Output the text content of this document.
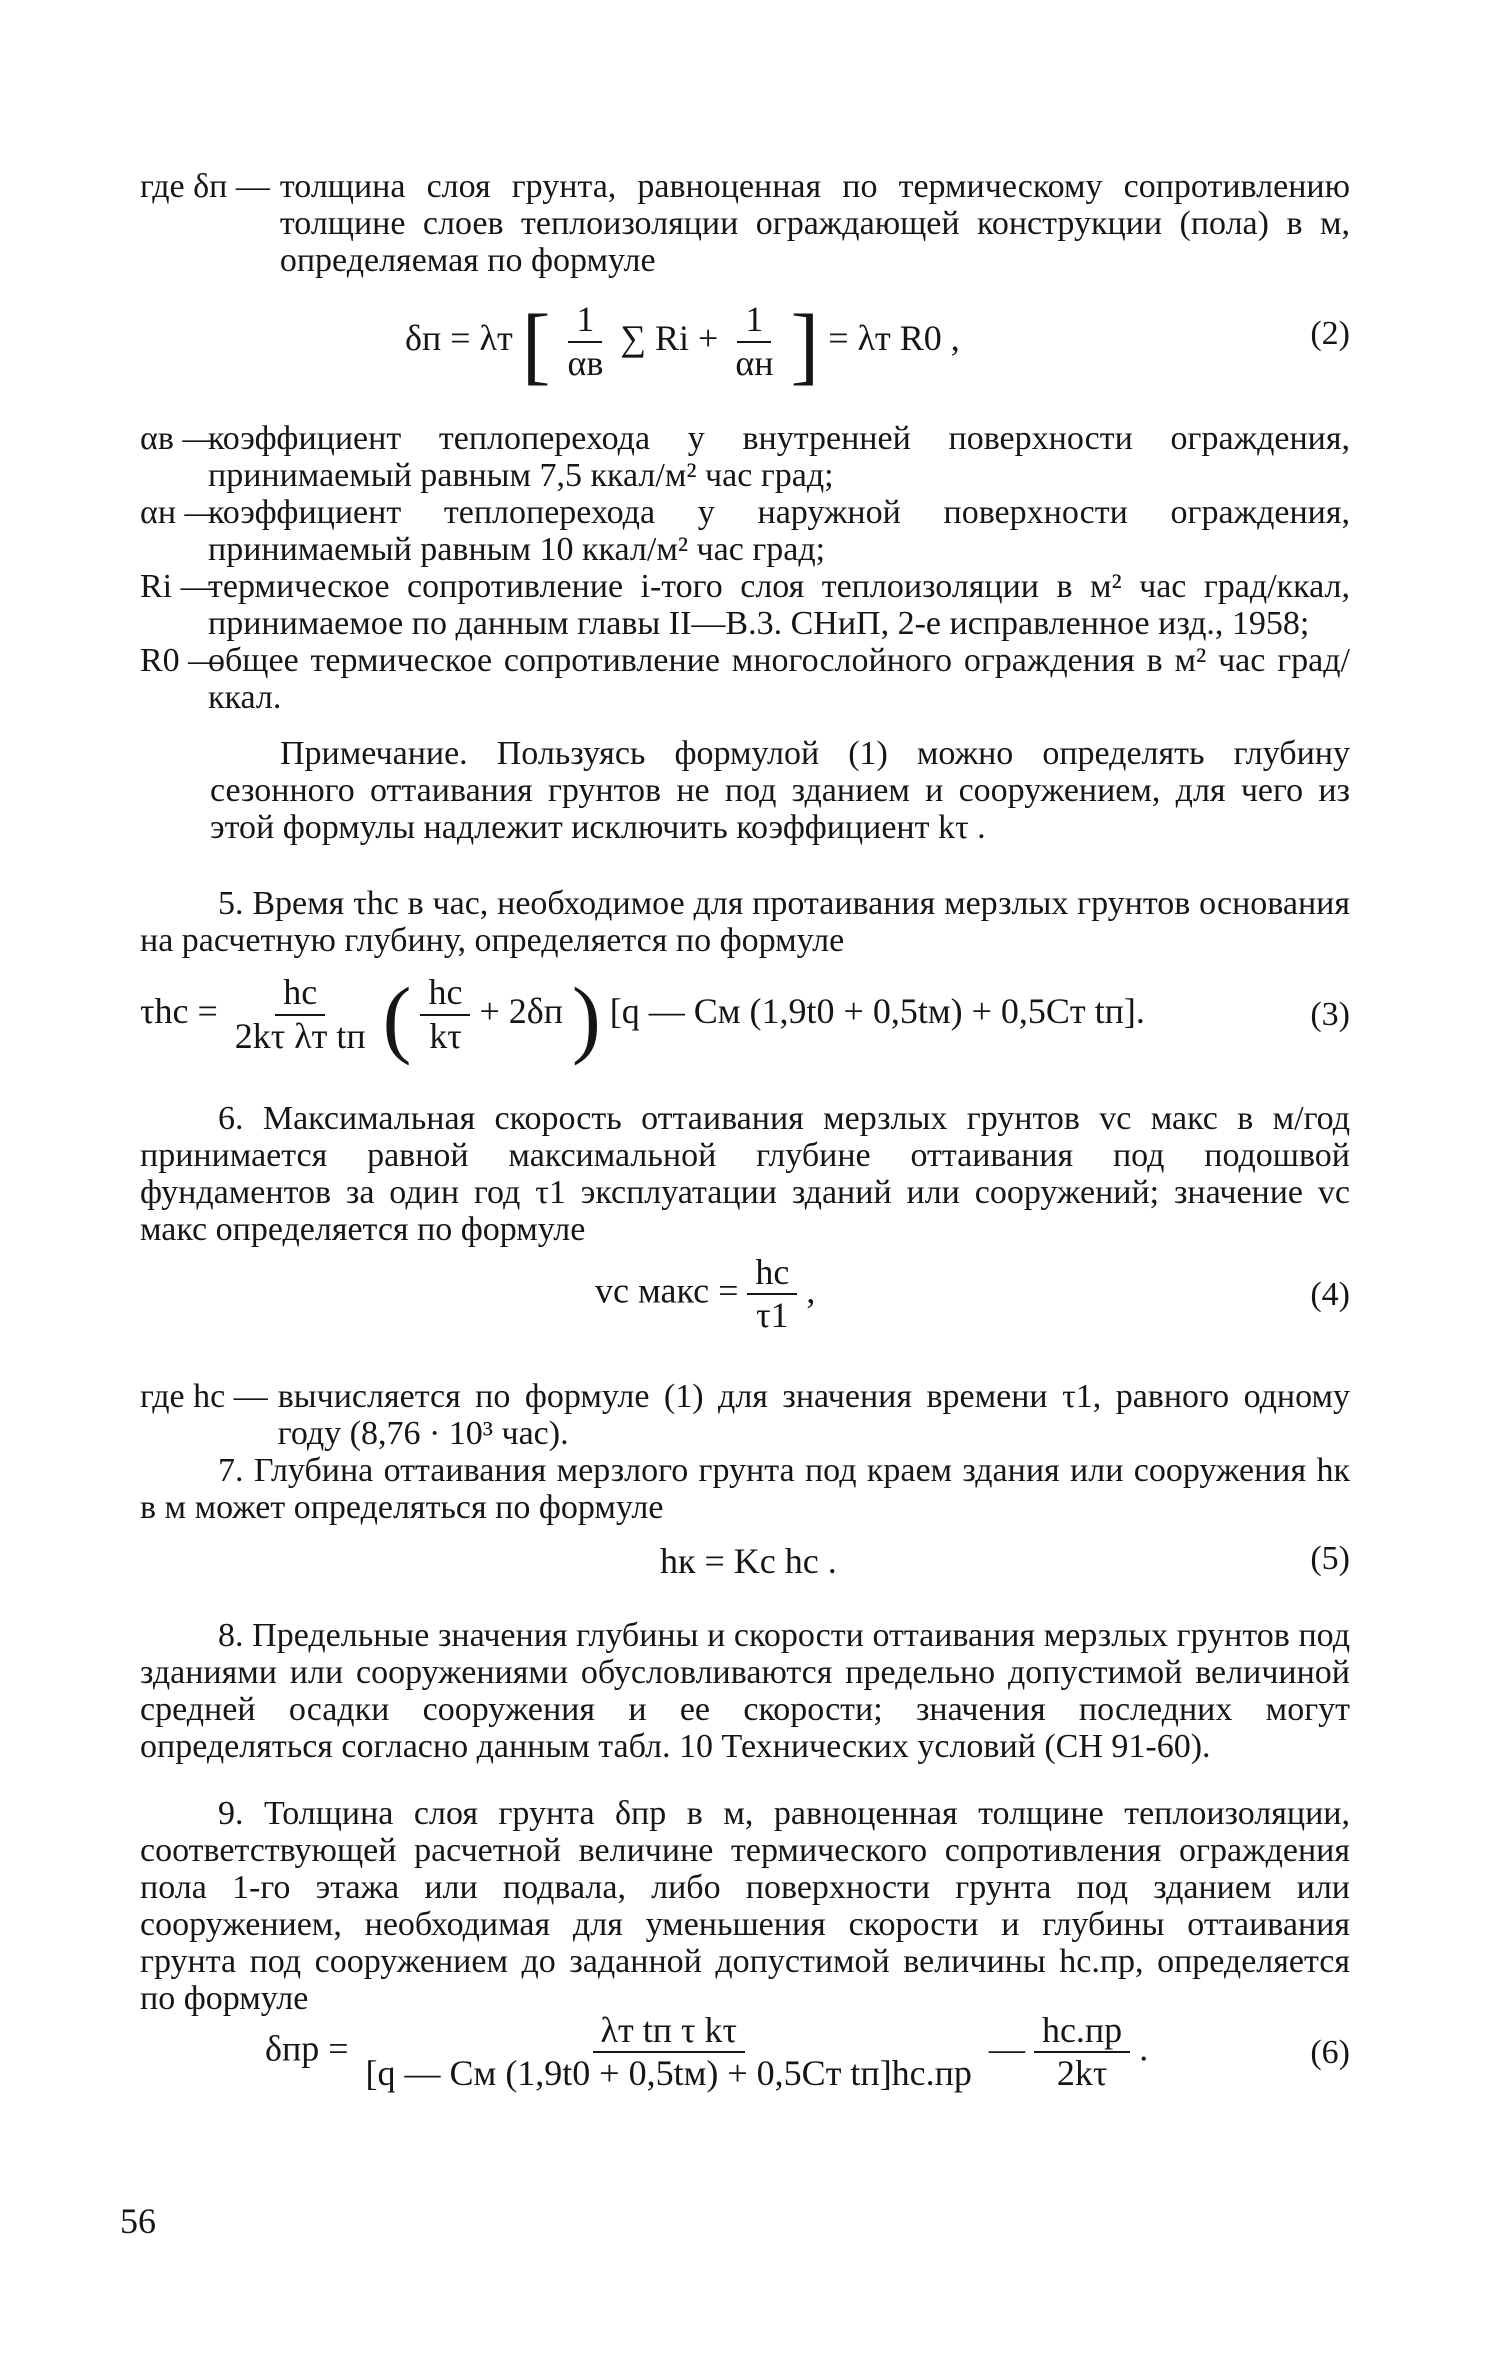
где δп — толщина слоя грунта, равноценная по термическому сопротивлению толщине слоев теплоизоляции ограждающей конструкции (пола) в м, определяемая по формуле
δп = λт [ $\frac{1}{\alpha в}$ ∑ $Ri + \frac{1}{\alpha н}$ ] = λт R0 ,	(2)
αв —
коэффициент теплоперехода у внутренней поверхности ограждения, принимаемый равным 7,5 ккал/м² час град;
αн —
коэффициент теплоперехода у наружной поверхности ограждения, принимаемый равным 10 ккал/м² час град;
Ri —
термическое сопротивление i-того слоя теплоизоляции в м² час град/ккал, принимаемое по данным главы II—В.3. СНиП, 2-е исправленное изд., 1958;
R0 —
общее термическое сопротивление многослойного ограждения в м² час град/ккал.
Примечание. Пользуясь формулой (1) можно определять глубину сезонного оттаивания грунтов не под зданием и сооружением, для чего из этой формулы надлежит исключить коэффициент kτ .
5. Время τhc в час, необходимое для протаивания мерзлых грунтов основания на расчетную глубину, определяется по формуле
$\tau hc = \frac{hc}{\text{2kτ λт tп}}$ ( $\frac{hc}{k\tau} + 2\delta п$ ) [q — Cм (1,9t0 + 0,5tм) + 0,5Cт tп].	(3)
6. Максимальная скорость оттаивания мерзлых грунтов vc макс в м/год принимается равной максимальной глубине оттаивания под подошвой фундаментов за один год τ1 эксплуатации зданий или сооружений; значение vc макс определяется по формуле
vc макс = $\frac{hc}{\tau 1}$ ,	(4)
где hc — вычисляется по формуле (1) для значения времени τ1, равного одному году (8,76 · 10³ час).
7. Глубина оттаивания мерзлого грунта под краем здания или сооружения hк в м может определяться по формуле
hк = Kc hc .	(5)
8. Предельные значения глубины и скорости оттаивания мерзлых грунтов под зданиями или сооружениями обусловливаются предельно допустимой величиной средней осадки сооружения и ее скорости; значения последних могут определяться согласно данным табл. 10 Технических условий (СН 91-60).
9. Толщина слоя грунта δпр в м, равноценная толщине теплоизоляции, соответствующей расчетной величине термического сопротивления ограждения пола 1-го этажа или подвала, либо поверхности грунта под зданием или сооружением, необходимая для уменьшения скорости и глубины оттаивания грунта под сооружением до заданной допустимой величины hc.пр, определяется по формуле
$\delta пр = \frac{\text{λт tп τ kτ}}{\text{[q — Cм (1,9t0 + 0,5tм) + 0,5Cт tп]hc.пр}}$ — $\frac{hc.пр}{2k\tau}$ .	(6)
56
